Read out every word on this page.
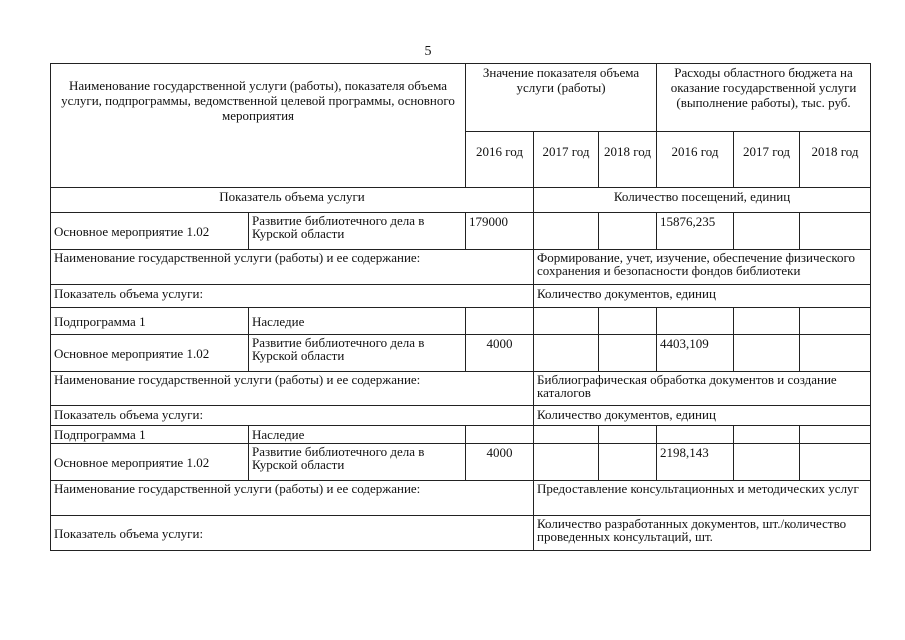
5
Наименование государственной услуги (работы), показателя объема услуги, подпрограммы, ведомственной целевой программы, основного мероприятия		Значение показателя объема услуги (работы)			Расходы областного бюджета на оказание государственной услуги (выполнение работы), тыс. руб.		
		2016 год	2017 год	2018 год	2016 год	2017 год	2018 год
Показатель объема услуги			Количество посещений, единиц				
Основное мероприятие 1.02	Развитие библиотечного дела в Курской области	179000			15876,235		
Наименование государственной услуги (работы) и ее содержание:			Формирование, учет, изучение, обеспечение физического сохранения и безопасности фондов библиотеки				
Показатель объема услуги:			Количество документов, единиц				
Подпрограмма 1	Наследие						
Основное мероприятие 1.02	Развитие библиотечного дела в Курской области	4000			4403,109		
Наименование государственной услуги (работы) и ее содержание:			Библиографическая обработка документов и создание каталогов				
Показатель объема услуги:			Количество документов, единиц				
Подпрограмма 1	Наследие						
Основное мероприятие 1.02	Развитие библиотечного дела в Курской области	4000			2198,143		
Наименование государственной услуги (работы) и ее содержание:			Предоставление консультационных и методических услуг				
Показатель объема услуги:			Количество разработанных документов, шт./количество проведенных консультаций, шт.				
